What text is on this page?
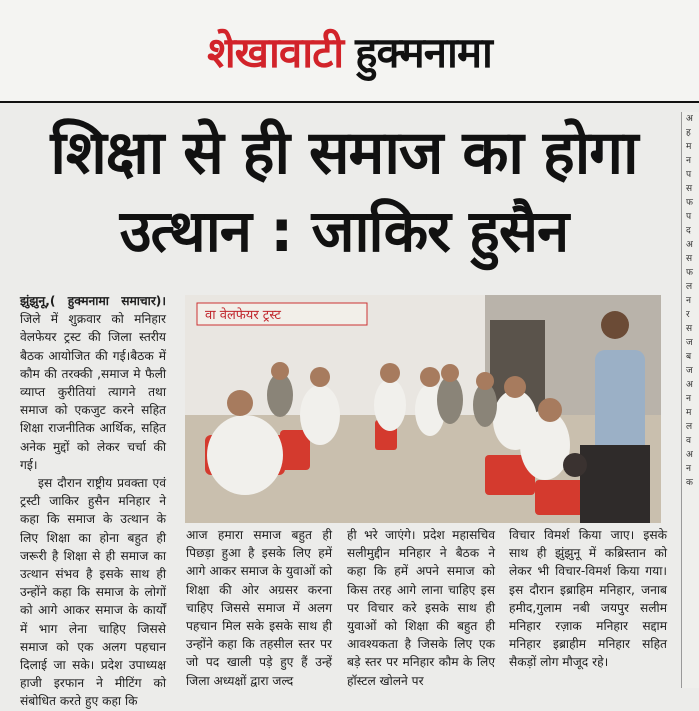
शेखावाटी हुक्मनामा
शिक्षा से ही समाज का होगा
उत्थान : जाकिर हुसैन

झुंझुनू,( हुक्मनामा समाचार)। जिले में शुक्रवार को मनिहार वेलफेयर ट्रस्ट की जिला स्तरीय बैठक आयोजित की गई।बैठक में कौम की तरक्की ,समाज मे फैली व्याप्त कुरीतियां त्यागने तथा समाज को एकजुट करने सहित शिक्षा राजनीतिक आर्थिक, सहित अनेक मुद्दों को लेकर चर्चा की गई।

इस दौरान राष्ट्रीय प्रवक्ता एवं ट्रस्टी जाकिर हुसैन मनिहार ने कहा कि समाज के उत्थान के लिए शिक्षा का होना बहुत ही जरूरी है शिक्षा से ही समाज का उत्थान संभव है इसके साथ ही उन्होंने कहा कि समाज के लोगों को आगे आकर समाज के कार्यों में भाग लेना चाहिए जिससे समाज को एक अलग पहचान दिलाई जा सके। प्रदेश उपाध्यक्ष हाजी इरफान ने मीटिंग को संबोधित करते हुए कहा कि

वा वेलफेयर ट्रस्ट
आज हमारा समाज बहुत ही पिछड़ा हुआ है इसके लिए हमें आगे आकर समाज के युवाओं को शिक्षा की ओर अग्रसर करना चाहिए जिससे समाज में अलग पहचान मिल सके इसके साथ ही उन्होंने कहा कि तहसील स्तर पर जो पद खाली पड़े हुए हैं उन्हें जिला अध्यक्षों द्वारा जल्द
ही भरे जाएंगे। प्रदेश महासचिव सलीमुद्दीन मनिहार ने बैठक ने कहा कि हमें अपने समाज को किस तरह आगे लाना चाहिए इस पर विचार करे इसके साथ ही युवाओं को शिक्षा की बहुत ही आवश्यकता है जिसके लिए एक बड़े स्तर पर मनिहार कौम के लिए हॉस्टल खोलने पर
विचार विमर्श किया जाए। इसके साथ ही झुंझुनू में कब्रिस्तान को लेकर भी विचार-विमर्श किया गया।इस दौरान इब्राहिम मनिहार, जनाब हमीद,गुलाम नबी जयपुर सलीम मनिहार रज़ाक मनिहार सद्दाम मनिहार इब्राहीम मनिहार सहित सैकड़ों लोग मौजूद रहे।
अ
ह
म
न
प
स
फ
प
द
अ
स
फ
ल
न
र
स
ज
ब
ज
अ
न
म
ल
व
अ
न
क
